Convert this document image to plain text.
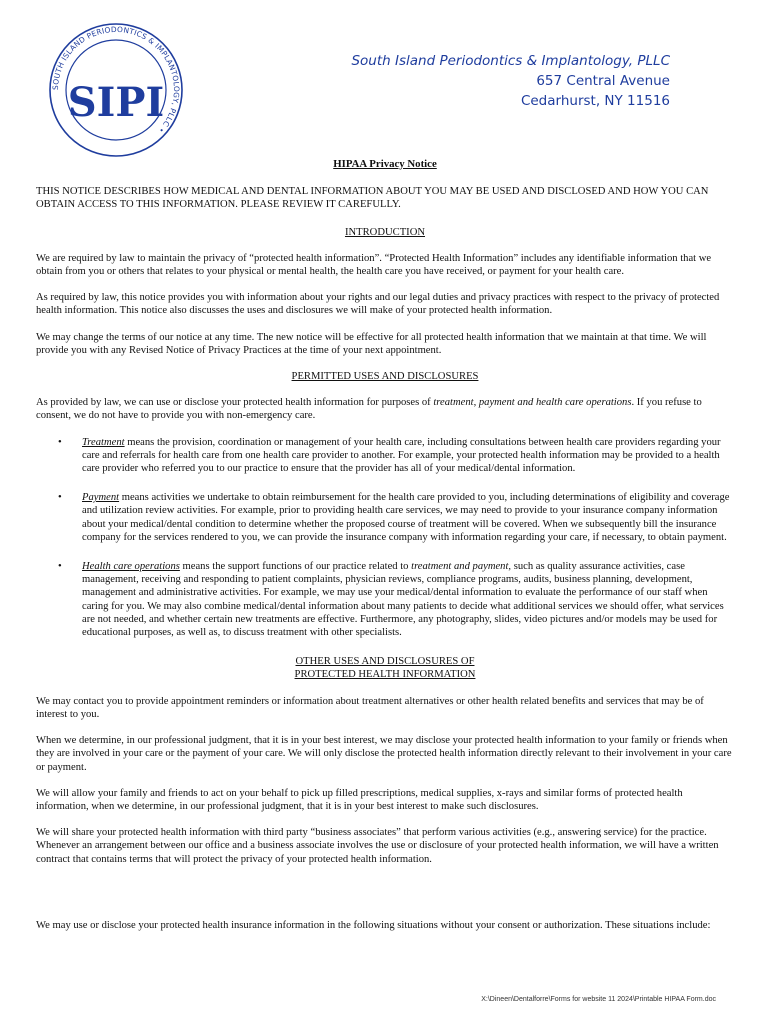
SOUTH ISLAND PERIODONTICS & IMPLANTOLOGY, PLLC •
SIPI
South Island Periodontics & Implantology, PLLC
657 Central Avenue
Cedarhurst, NY 11516
HIPAA Privacy Notice
THIS NOTICE DESCRIBES HOW MEDICAL AND DENTAL INFORMATION ABOUT YOU MAY BE USED AND DISCLOSED AND HOW YOU CAN OBTAIN ACCESS TO THIS INFORMATION. PLEASE REVIEW IT CAREFULLY.
INTRODUCTION

We are required by law to maintain the privacy of “protected health information”. “Protected Health Information” includes any identifiable information that we obtain from you or others that relates to your physical or mental health, the health care you have received, or payment for your health care.

As required by law, this notice provides you with information about your rights and our legal duties and privacy practices with respect to the privacy of protected health information. This notice also discusses the uses and disclosures we will make of your protected health information.

We may change the terms of our notice at any time. The new notice will be effective for all protected health information that we maintain at that time. We will provide you with any Revised Notice of Privacy Practices at the time of your next appointment.

PERMITTED USES AND DISCLOSURES

As provided by law, we can use or disclose your protected health information for purposes of treatment, payment and health care operations. If you refuse to consent, we do not have to provide you with non-emergency care.

• Treatment means the provision, coordination or management of your health care, including consultations between health care providers regarding your care and referrals for health care from one health care provider to another. For example, your protected health information may be provided to a health care provider who referred you to our practice to ensure that the provider has all of your medical/dental information.
• Payment means activities we undertake to obtain reimbursement for the health care provided to you, including determinations of eligibility and coverage and utilization review activities. For example, prior to providing health care services, we may need to provide to your insurance company information about your medical/dental condition to determine whether the proposed course of treatment will be covered. When we subsequently bill the insurance company for the services rendered to you, we can provide the insurance company with information regarding your care, if necessary, to obtain payment.
• Health care operations means the support functions of our practice related to treatment and payment, such as quality assurance activities, case management, receiving and responding to patient complaints, physician reviews, compliance programs, audits, business planning, development, management and administrative activities. For example, we may use your medical/dental information to evaluate the performance of our staff when caring for you. We may also combine medical/dental information about many patients to decide what additional services we should offer, what services are not needed, and whether certain new treatments are effective. Furthermore, any photography, slides, video pictures and/or models may be used for educational purposes, as well as, to discuss treatment with other specialists.
OTHER USES AND DISCLOSURES OF
PROTECTED HEALTH INFORMATION

We may contact you to provide appointment reminders or information about treatment alternatives or other health related benefits and services that may be of interest to you.

When we determine, in our professional judgment, that it is in your best interest, we may disclose your protected health information to your family or friends when they are involved in your care or the payment of your care. We will only disclose the protected health information directly relevant to their involvement in your care or payment.

We will allow your family and friends to act on your behalf to pick up filled prescriptions, medical supplies, x-rays and similar forms of protected health information, when we determine, in our professional judgment, that it is in your best interest to make such disclosures.

We will share your protected health information with third party “business associates” that perform various activities (e.g., answering service) for the practice. Whenever an arrangement between our office and a business associate involves the use or disclosure of your protected health information, we will have a written contract that contains terms that will protect the privacy of your protected health information.

We may use or disclose your protected health insurance information in the following situations without your consent or authorization. These situations include:

X:\Dineen\Dentalforre\Forms for website 11 2024\Printable HIPAA Form.doc
